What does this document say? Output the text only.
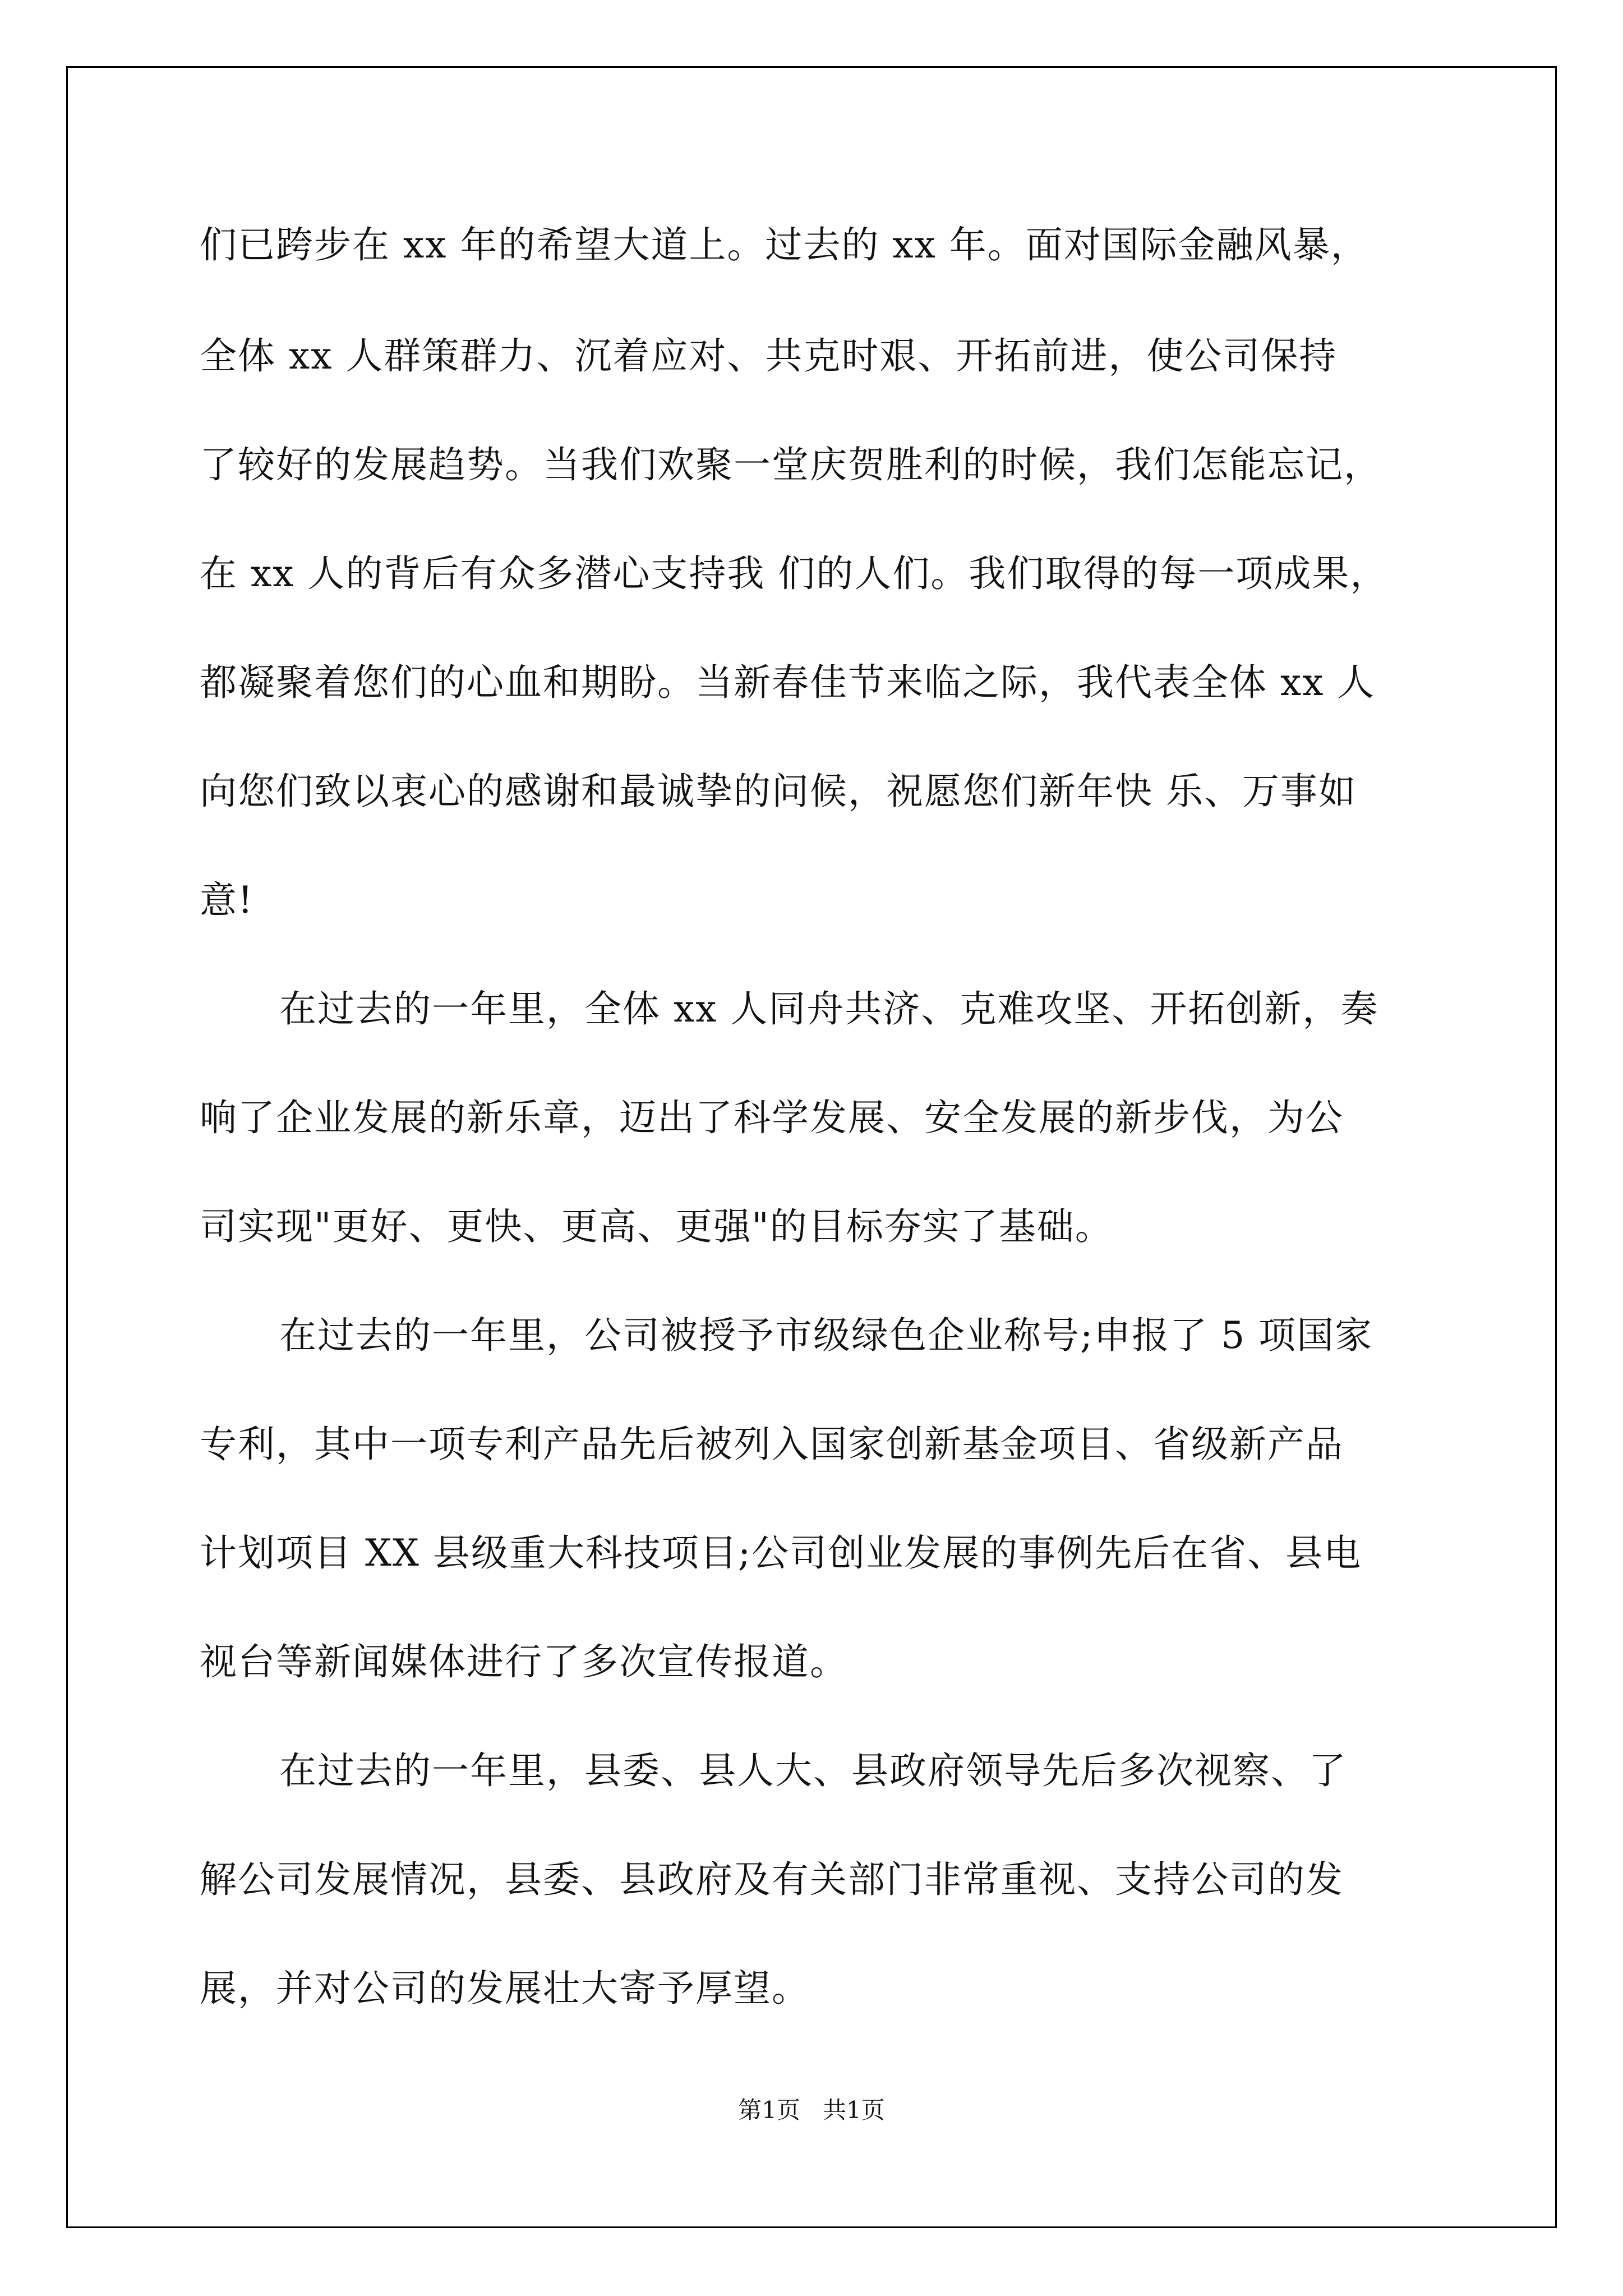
们已跨步在 xx 年的希望大道上。过去的 xx 年。面对国际金融风暴，
全体 xx 人群策群力、沉着应对、共克时艰、开拓前进，使公司保持
了较好的发展趋势。当我们欢聚一堂庆贺胜利的时候，我们怎能忘记，
在 xx 人的背后有众多潜心支持我 们的人们。我们取得的每一项成果，
都凝聚着您们的心血和期盼。当新春佳节来临之际，我代表全体 xx 人
向您们致以衷心的感谢和最诚挚的问候，祝愿您们新年快 乐、万事如
意!
在过去的一年里，全体 xx 人同舟共济、克难攻坚、开拓创新，奏
响了企业发展的新乐章，迈出了科学发展、安全发展的新步伐，为公
司实现"更好、更快、更高、更强"的目标夯实了基础。
在过去的一年里，公司被授予市级绿色企业称号;申报了 5 项国家
专利，其中一项专利产品先后被列入国家创新基金项目、省级新产品
计划项目 XX 县级重大科技项目;公司创业发展的事例先后在省、县电
视台等新闻媒体进行了多次宣传报道。
在过去的一年里，县委、县人大、县政府领导先后多次视察、了
解公司发展情况，县委、县政府及有关部门非常重视、支持公司的发
展，并对公司的发展壮大寄予厚望。
第1页   共1页
